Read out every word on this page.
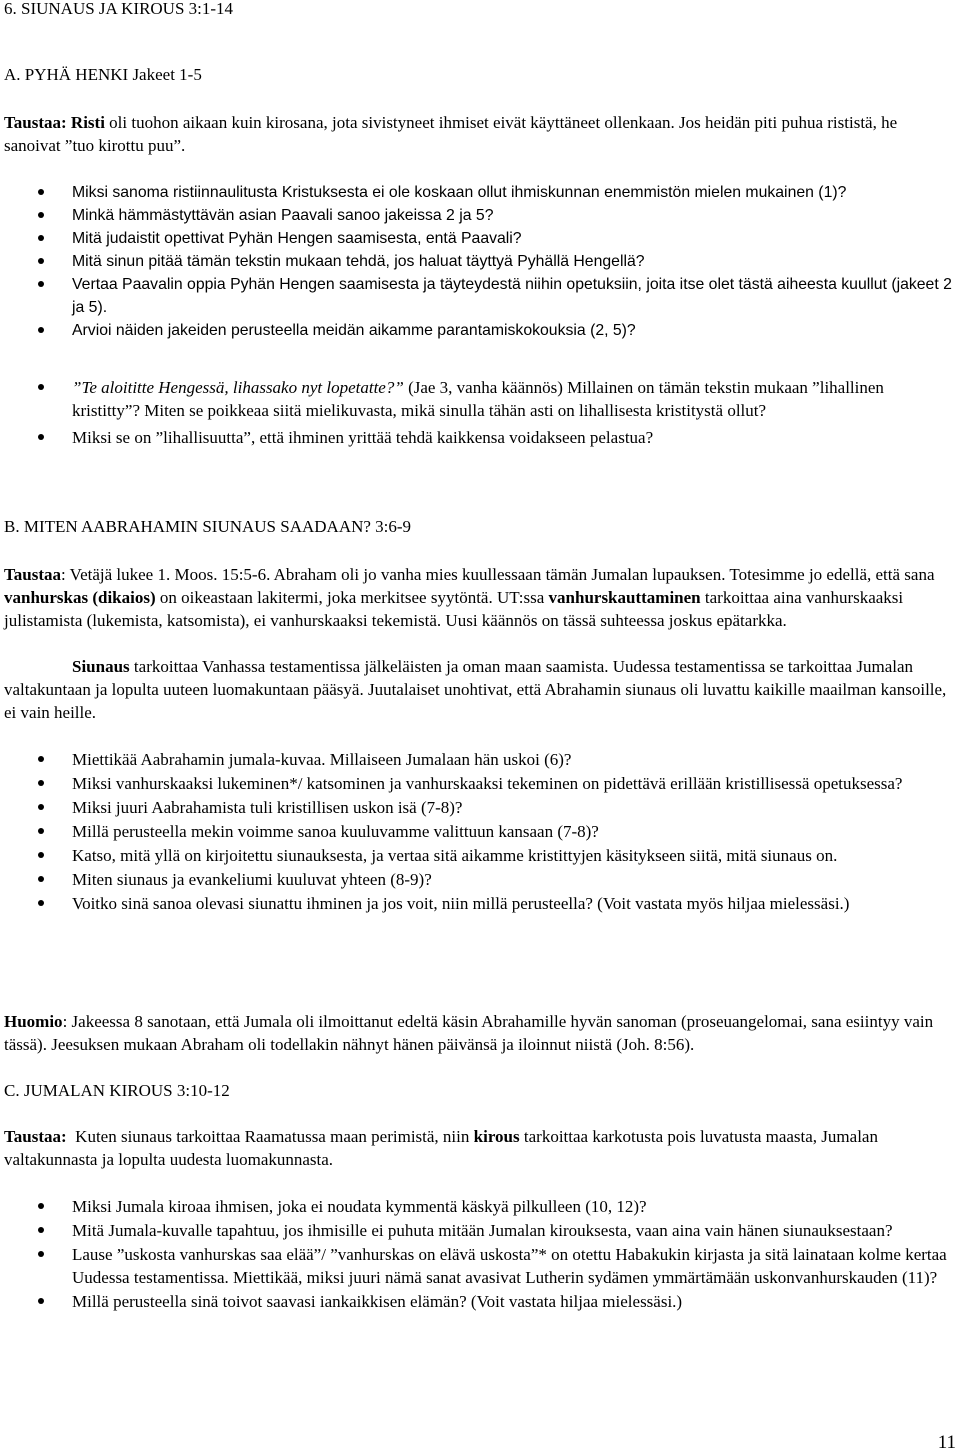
6. SIUNAUS JA KIROUS 3:1-14
A. PYHÄ HENKI Jakeet 1-5

Taustaa: Risti oli tuohon aikaan kuin kirosana, jota sivistyneet ihmiset eivät käyttäneet ollenkaan. Jos heidän piti puhua rististä, he sanoivat ”tuo kirottu puu”.

Miksi sanoma ristiinnaulitusta Kristuksesta ei ole koskaan ollut ihmiskunnan enemmistön mielen mukainen (1)?
Minkä hämmästyttävän asian Paavali sanoo jakeissa 2 ja 5?
Mitä judaistit opettivat Pyhän Hengen saamisesta, entä Paavali?
Mitä sinun pitää tämän tekstin mukaan tehdä, jos haluat täyttyä Pyhällä Hengellä?
Vertaa Paavalin oppia Pyhän Hengen saamisesta ja täyteydestä niihin opetuksiin, joita itse olet tästä aiheesta kuullut (jakeet 2 ja 5).
Arvioi näiden jakeiden perusteella meidän aikamme parantamiskokouksia (2, 5)?
”Te aloititte Hengessä, lihassako nyt lopetatte?” (Jae 3, vanha käännös) Millainen on tämän tekstin mukaan ”lihallinen kristitty”? Miten se poikkeaa siitä mielikuvasta, mikä sinulla tähän asti on lihallisesta kristitystä ollut?
Miksi se on ”lihallisuutta”, että ihminen yrittää tehdä kaikkensa voidakseen pelastua?
B. MITEN AABRAHAMIN SIUNAUS SAADAAN? 3:6-9

Taustaa: Vetäjä lukee 1. Moos. 15:5-6. Abraham oli jo vanha mies kuullessaan tämän Jumalan lupauksen. Totesimme jo edellä, että sana vanhurskas (dikaios) on oikeastaan lakitermi, joka merkitsee syytöntä. UT:ssa vanhurskauttaminen tarkoittaa aina vanhurskaaksi julistamista (lukemista, katsomista), ei vanhurskaaksi tekemistä. Uusi käännös on tässä suhteessa joskus epätarkka.

Siunaus tarkoittaa Vanhassa testamentissa jälkeläisten ja oman maan saamista. Uudessa testamentissa se tarkoittaa Jumalan valtakuntaan ja lopulta uuteen luomakuntaan pääsyä. Juutalaiset unohtivat, että Abrahamin siunaus oli luvattu kaikille maailman kansoille, ei vain heille.

Miettikää Aabrahamin jumala-kuvaa. Millaiseen Jumalaan hän uskoi (6)?
Miksi vanhurskaaksi lukeminen*/ katsominen ja vanhurskaaksi tekeminen on pidettävä erillään kristillisessä opetuksessa?
Miksi juuri Aabrahamista tuli kristillisen uskon isä (7-8)?
Millä perusteella mekin voimme sanoa kuuluvamme valittuun kansaan (7-8)?
Katso, mitä yllä on kirjoitettu siunauksesta, ja vertaa sitä aikamme kristittyjen käsitykseen siitä, mitä siunaus on.
Miten siunaus ja evankeliumi kuuluvat yhteen (8-9)?
Voitko sinä sanoa olevasi siunattu ihminen ja jos voit, niin millä perusteella? (Voit vastata myös hiljaa mielessäsi.)

Huomio: Jakeessa 8 sanotaan, että Jumala oli ilmoittanut edeltä käsin Abrahamille hyvän sanoman (proseuangelomai, sana esiintyy vain tässä). Jeesuksen mukaan Abraham oli todellakin nähnyt hänen päivänsä ja iloinnut niistä (Joh. 8:56).

C. JUMALAN KIROUS 3:10-12

Taustaa:  Kuten siunaus tarkoittaa Raamatussa maan perimistä, niin kirous tarkoittaa karkotusta pois luvatusta maasta, Jumalan valtakunnasta ja lopulta uudesta luomakunnasta.

Miksi Jumala kiroaa ihmisen, joka ei noudata kymmentä käskyä pilkulleen (10, 12)?
Mitä Jumala-kuvalle tapahtuu, jos ihmisille ei puhuta mitään Jumalan kirouksesta, vaan aina vain hänen siunauksestaan?
Lause ”uskosta vanhurskas saa elää”/ ”vanhurskas on elävä uskosta”* on otettu Habakukin kirjasta ja sitä lainataan kolme kertaa Uudessa testamentissa. Miettikää, miksi juuri nämä sanat avasivat Lutherin sydämen ymmärtämään uskonvanhurskauden (11)?
Millä perusteella sinä toivot saavasi iankaikkisen elämän? (Voit vastata hiljaa mielessäsi.)
11
